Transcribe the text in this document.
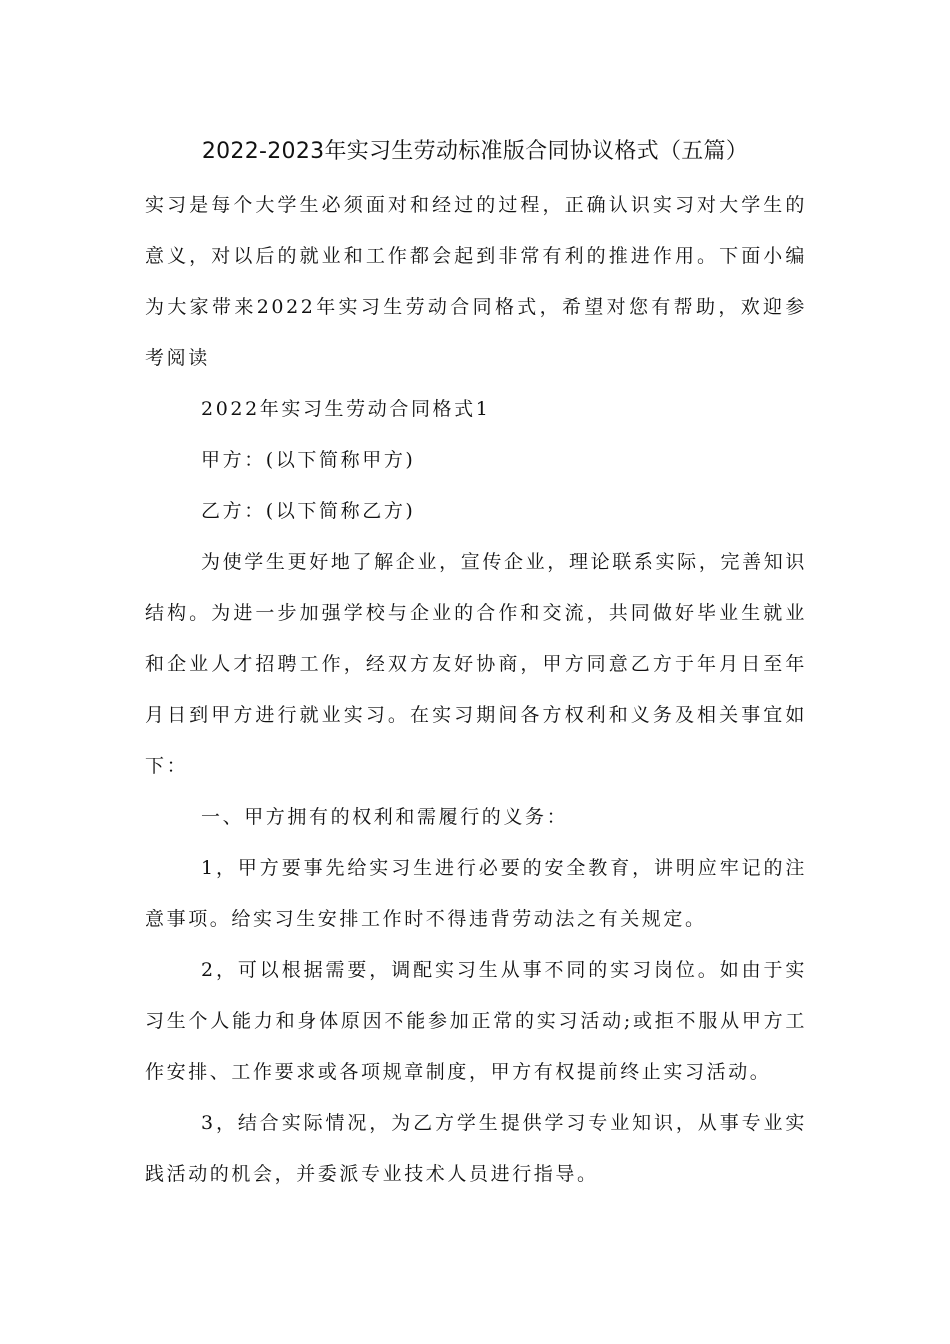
2022-2023年实习生劳动标准版合同协议格式（五篇）

实习是每个大学生必须面对和经过的过程，正确认识实习对大学生的意义，对以后的就业和工作都会起到非常有利的推进作用。下面小编为大家带来2022年实习生劳动合同格式，希望对您有帮助，欢迎参考阅读

2022年实习生劳动合同格式1

甲方：(以下简称甲方)

乙方：(以下简称乙方)

为使学生更好地了解企业，宣传企业，理论联系实际，完善知识结构。为进一步加强学校与企业的合作和交流，共同做好毕业生就业和企业人才招聘工作，经双方友好协商，甲方同意乙方于年月日至年月日到甲方进行就业实习。在实习期间各方权利和义务及相关事宜如下：

一、甲方拥有的权利和需履行的义务：

1，甲方要事先给实习生进行必要的安全教育，讲明应牢记的注意事项。给实习生安排工作时不得违背劳动法之有关规定。

2，可以根据需要，调配实习生从事不同的实习岗位。如由于实习生个人能力和身体原因不能参加正常的实习活动;或拒不服从甲方工作安排、工作要求或各项规章制度，甲方有权提前终止实习活动。

3，结合实际情况，为乙方学生提供学习专业知识，从事专业实践活动的机会，并委派专业技术人员进行指导。
